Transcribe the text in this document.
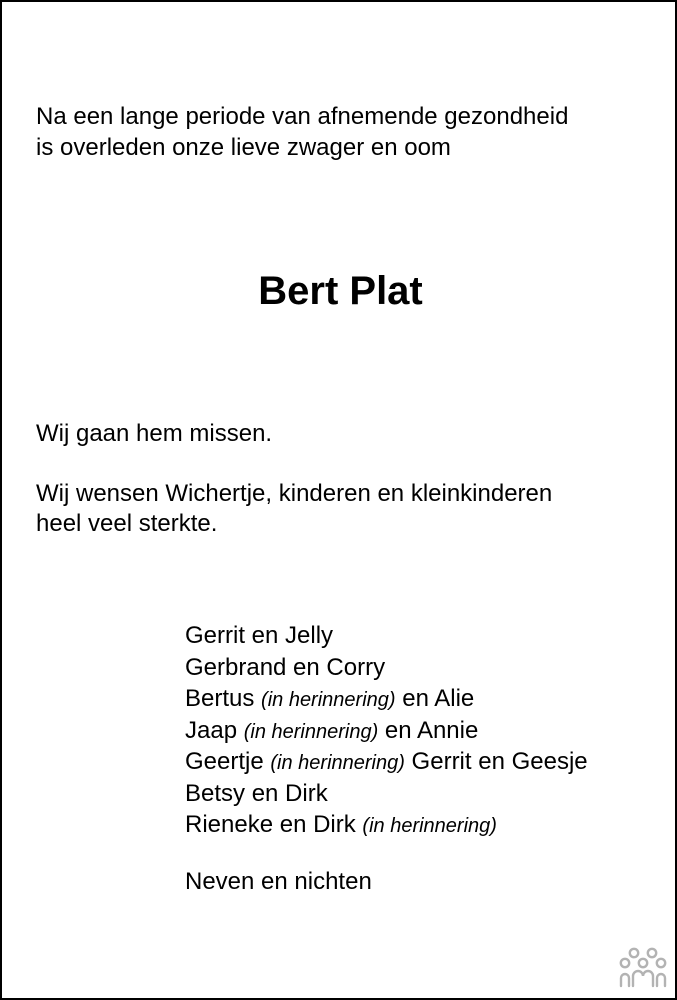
Na een lange periode van afnemende gezondheid
is overleden onze lieve zwager en oom
Bert Plat
Wij gaan hem missen.
Wij wensen Wichertje, kinderen en kleinkinderen
heel veel sterkte.
Gerrit en Jelly
Gerbrand en Corry
Bertus (in herinnering) en Alie
Jaap (in herinnering) en Annie
Geertje (in herinnering) Gerrit en Geesje
Betsy en Dirk
Rieneke en Dirk (in herinnering)
Neven en nichten
